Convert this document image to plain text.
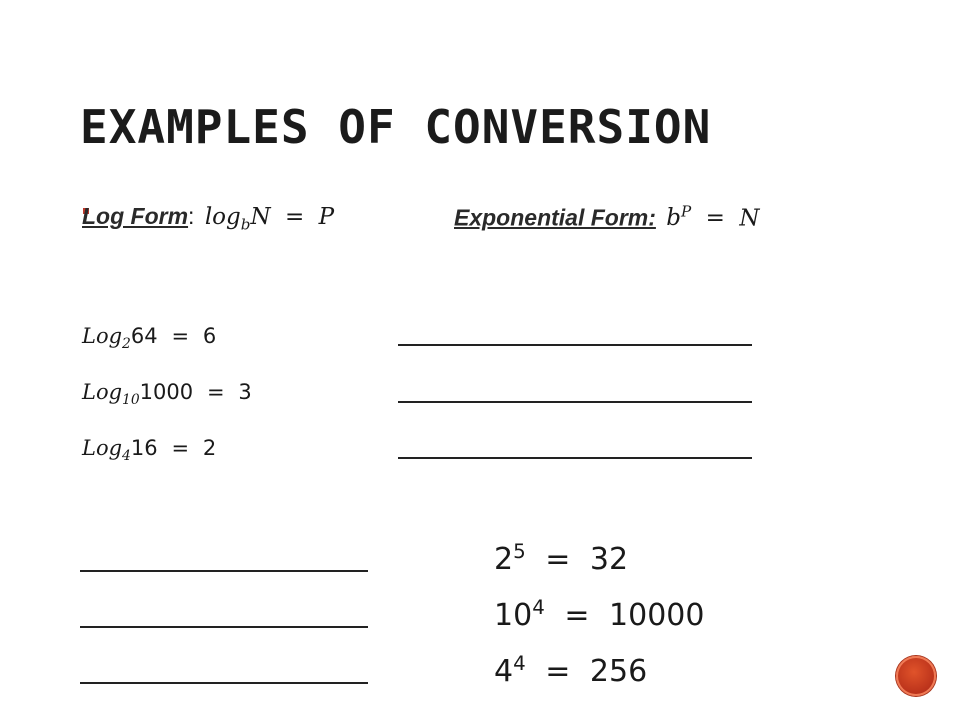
EXAMPLES OF CONVERSION
Log Form: $\log_bN = P$	Exponential Form: $b^P = N$
Log$_2$64 = 6
Log$_{10}$1000 = 3
Log$_4$16 = 2
$2^5 = 32$
$10^4 = 10000$
$4^4 = 256$
